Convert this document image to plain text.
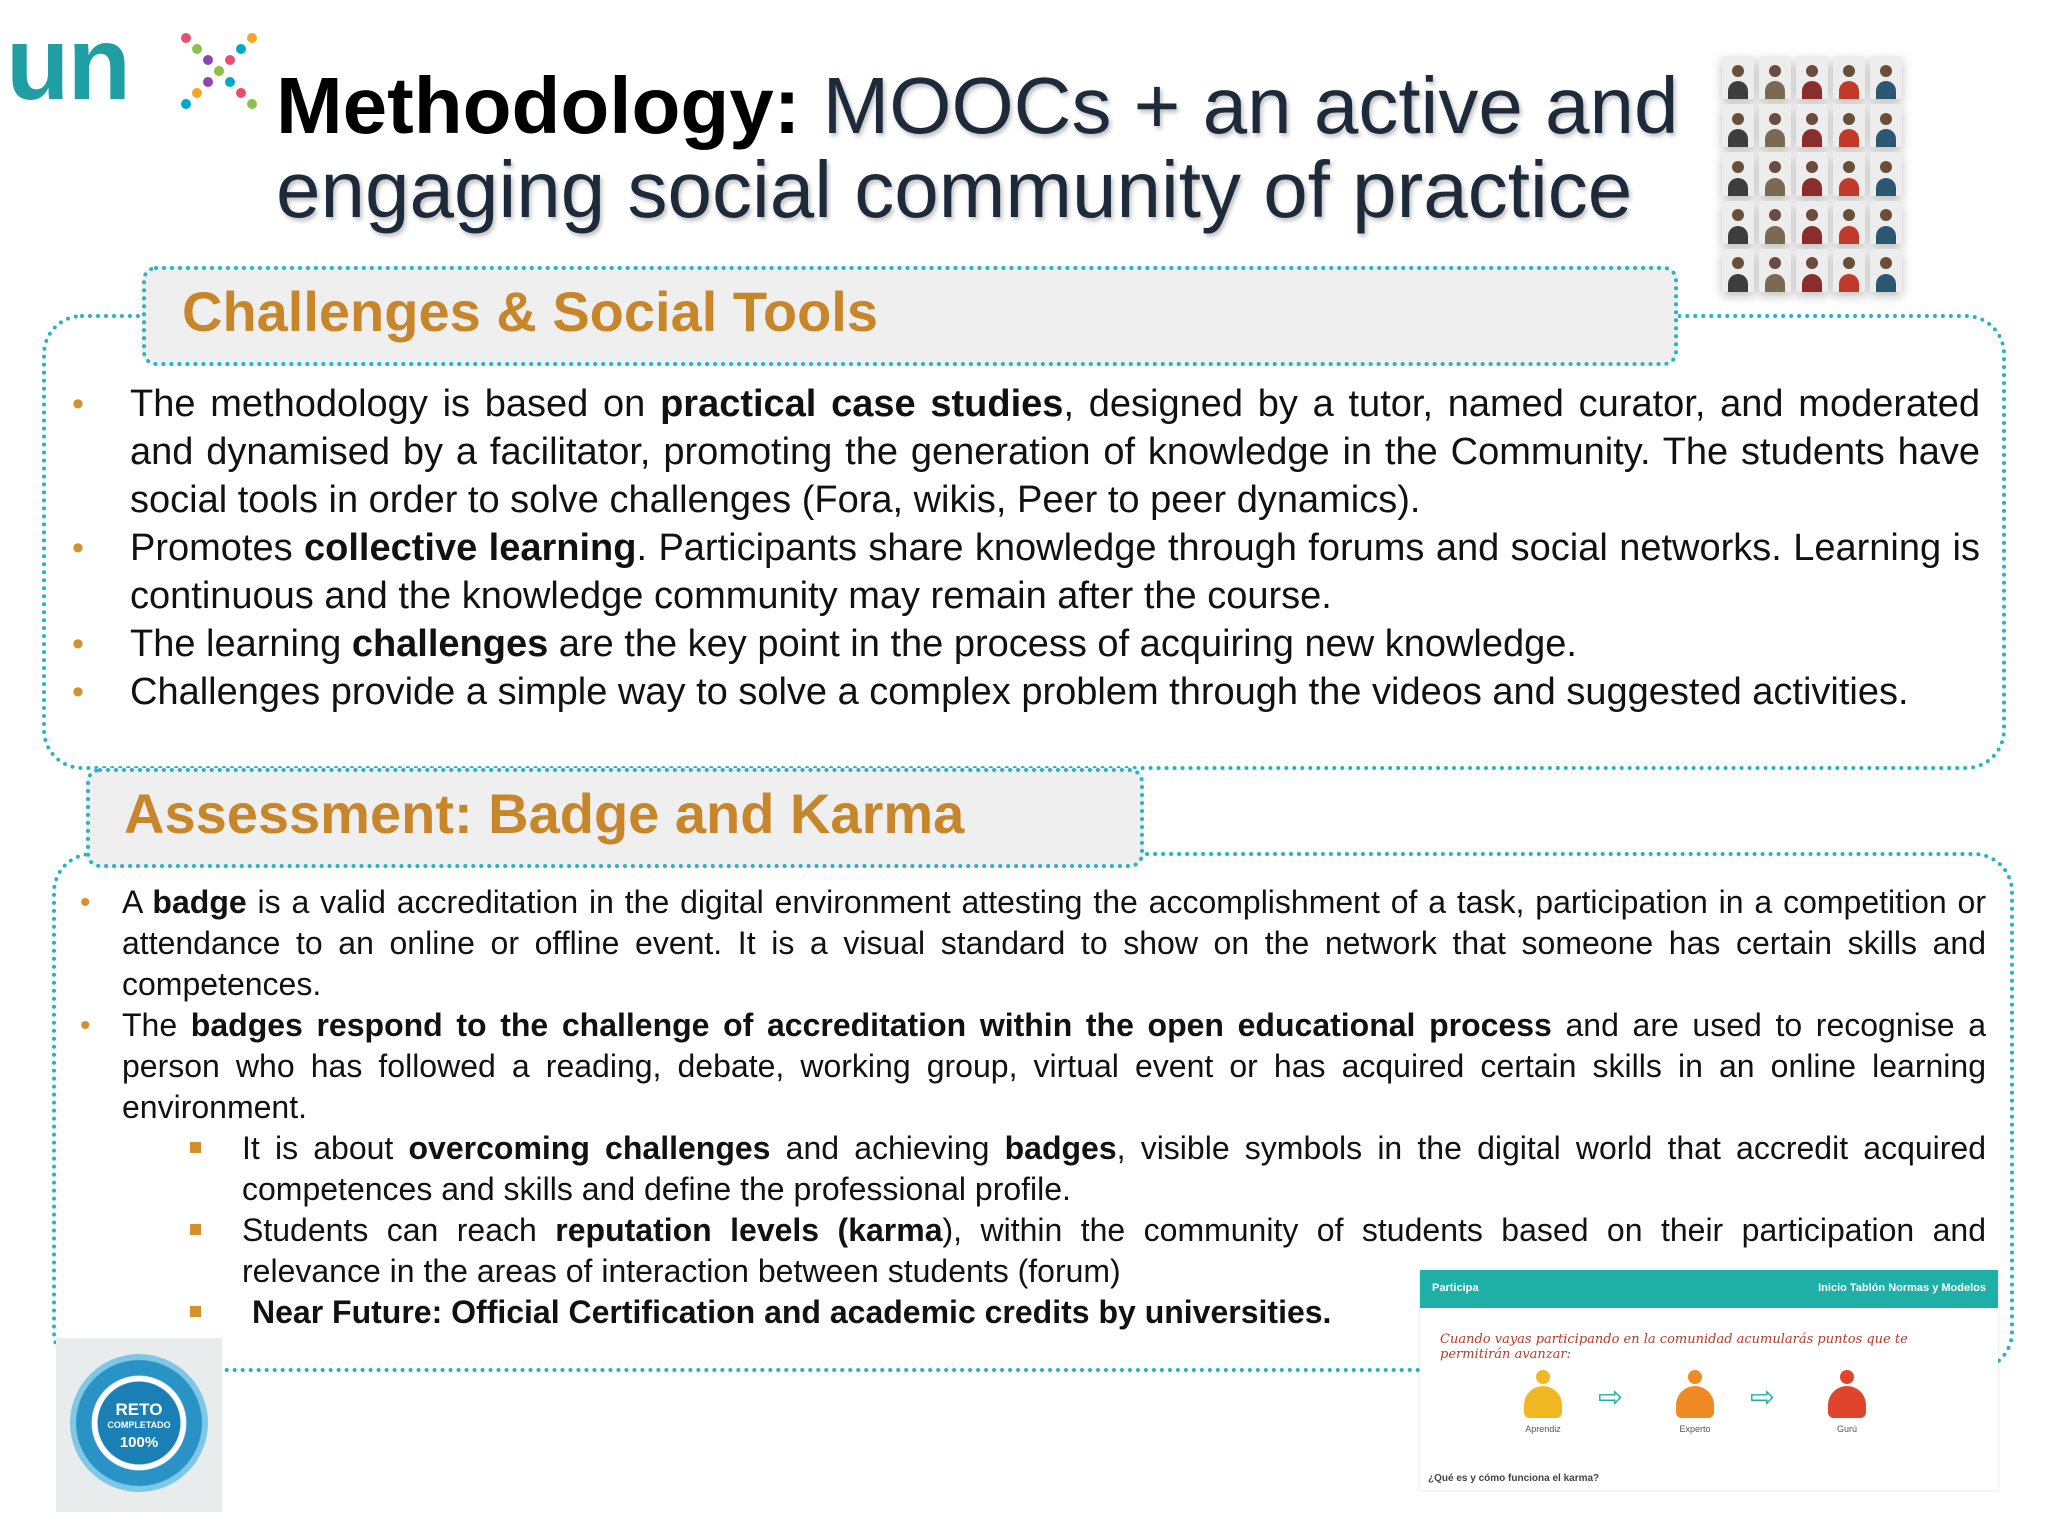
un Methodology: MOOCs + an active and engaging social community of practice
Challenges & Social Tools
• The methodology is based on practical case studies, designed by a tutor, named curator, and moderated and dynamised by a facilitator, promoting the generation of knowledge in the Community. The students have social tools in order to solve challenges (Fora, wikis, Peer to peer dynamics).
• Promotes collective learning. Participants share knowledge through forums and social networks. Learning is continuous and the knowledge community may remain after the course.
• The learning challenges are the key point in the process of acquiring new knowledge.
• Challenges provide a simple way to solve a complex problem through the videos and suggested activities.
Assessment: Badge and Karma
• A badge is a valid accreditation in the digital environment attesting the accomplishment of a task, participation in a competition or attendance to an online or offline event. It is a visual standard to show on the network that someone has certain skills and competences.
• The badges respond to the challenge of accreditation within the open educational process and are used to recognise a person who has followed a reading, debate, working group, virtual event or has acquired certain skills in an online learning environment.
It is about overcoming challenges and achieving badges, visible symbols in the digital world that accredit acquired competences and skills and define the professional profile.
Students can reach reputation levels (karma), within the community of students based on their participation and relevance in the areas of interaction between students (forum)
Near Future: Official Certification and academic credits by universities.
RETO
COMPLETADO
100%
Participa	Inicio Tablón Normas y Modelos
Cuando vayas participando en la comunidad acumularás puntos que te permitirán avanzar:
Aprendiz
⇨
Experto
⇨
Gurú
¿Qué es y cómo funciona el karma?
